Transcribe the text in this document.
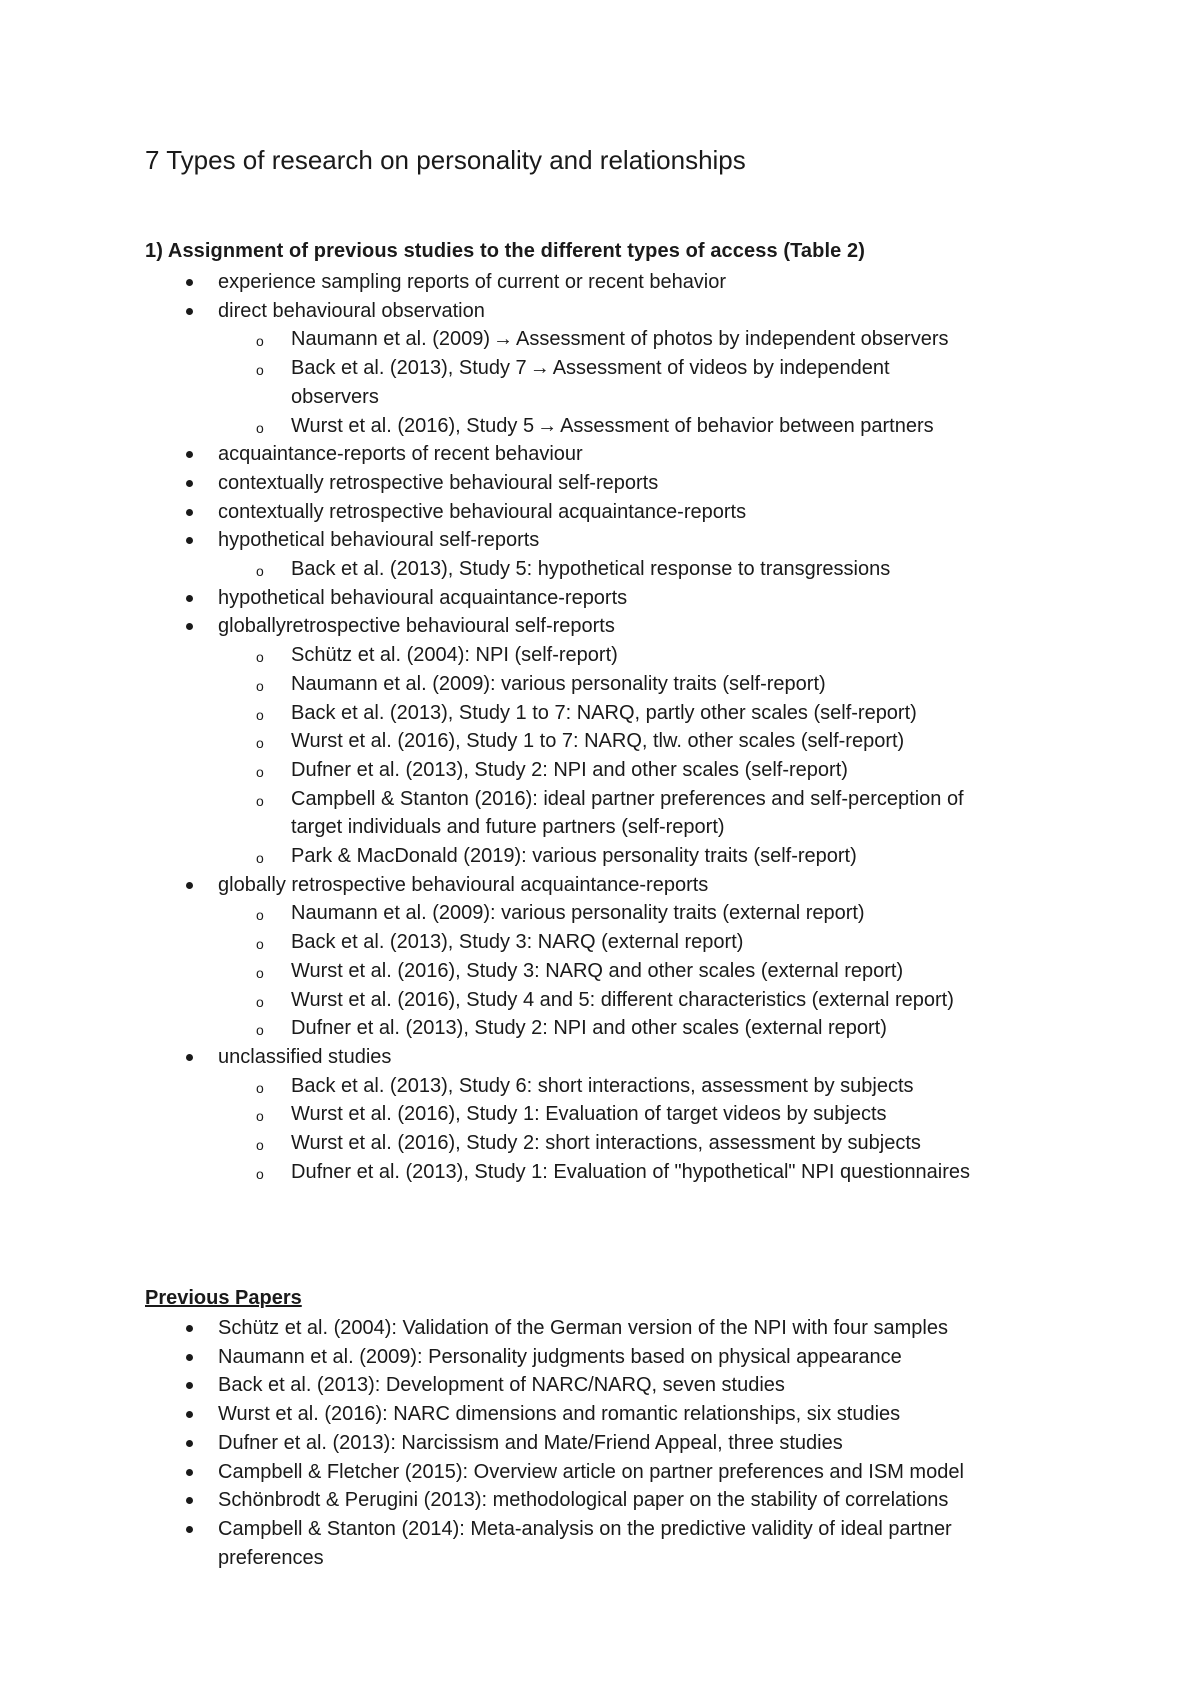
7 Types of research on personality and relationships
1) Assignment of previous studies to the different types of access (Table 2)
experience sampling reports of current or recent behavior
direct behavioural observation
Naumann et al. (2009) → Assessment of photos by independent observers
o
Back et al. (2013), Study 7 → Assessment of videos by independent
o
observers
Wurst et al. (2016), Study 5 → Assessment of behavior between partners
o
acquaintance-reports of recent behaviour
contextually retrospective behavioural self-reports
contextually retrospective behavioural acquaintance-reports
hypothetical behavioural self-reports
Back et al. (2013), Study 5: hypothetical response to transgressions
o
hypothetical behavioural acquaintance-reports
globallyretrospective behavioural self-reports
Schütz et al. (2004): NPI (self-report)
o
Naumann et al. (2009): various personality traits (self-report)
o
Back et al. (2013), Study 1 to 7: NARQ, partly other scales (self-report)
o
Wurst et al. (2016), Study 1 to 7: NARQ, tlw. other scales (self-report)
o
Dufner et al. (2013), Study 2: NPI and other scales (self-report)
o
Campbell & Stanton (2016): ideal partner preferences and self-perception of
o
target individuals and future partners (self-report)
Park & MacDonald (2019): various personality traits (self-report)
o
globally retrospective behavioural acquaintance-reports
Naumann et al. (2009): various personality traits (external report)
o
Back et al. (2013), Study 3: NARQ (external report)
o
Wurst et al. (2016), Study 3: NARQ and other scales (external report)
o
Wurst et al. (2016), Study 4 and 5: different characteristics (external report)
o
Dufner et al. (2013), Study 2: NPI and other scales (external report)
o
unclassified studies
Back et al. (2013), Study 6: short interactions, assessment by subjects
o
Wurst et al. (2016), Study 1: Evaluation of target videos by subjects
o
Wurst et al. (2016), Study 2: short interactions, assessment by subjects
o
Dufner et al. (2013), Study 1: Evaluation of "hypothetical" NPI questionnaires
o
Previous Papers
Schütz et al. (2004): Validation of the German version of the NPI with four samples
Naumann et al. (2009): Personality judgments based on physical appearance
Back et al. (2013): Development of NARC/NARQ, seven studies
Wurst et al. (2016): NARC dimensions and romantic relationships, six studies
Dufner et al. (2013): Narcissism and Mate/Friend Appeal, three studies
Campbell & Fletcher (2015): Overview article on partner preferences and ISM model
Schönbrodt & Perugini (2013): methodological paper on the stability of correlations
Campbell & Stanton (2014): Meta-analysis on the predictive validity of ideal partner
preferences
